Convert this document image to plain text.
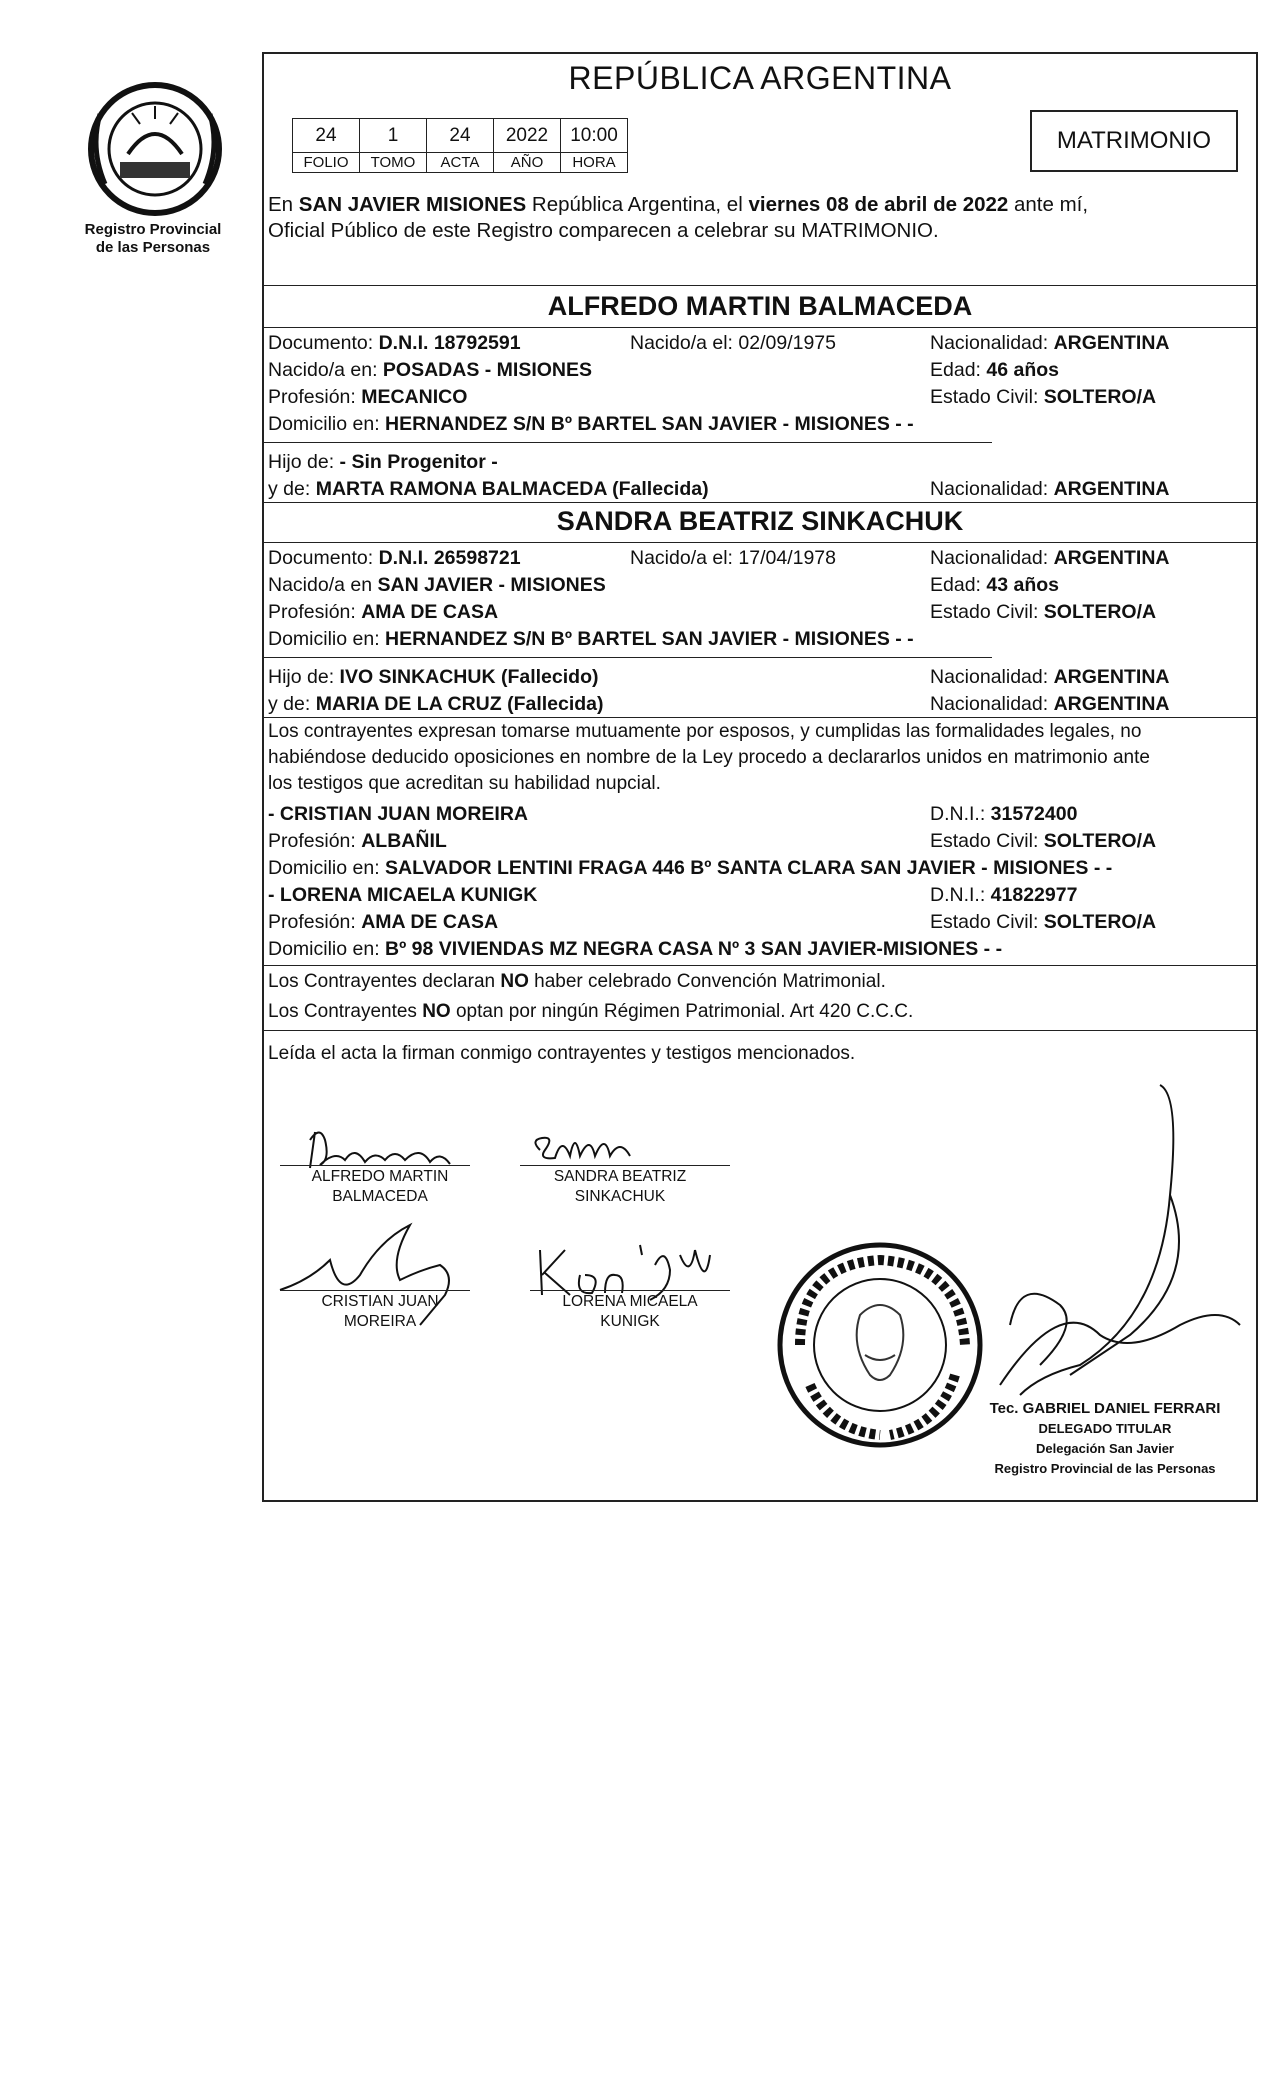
Registro Provincial
de las Personas
REPÚBLICA ARGENTINA
24	1	24	2022	10:00
FOLIO	TOMO	ACTA	AÑO	HORA
MATRIMONIO
En SAN JAVIER MISIONES República Argentina, el viernes 08 de abril de 2022 ante mí,
Oficial Público de este Registro comparecen a celebrar su MATRIMONIO.
ALFREDO MARTIN BALMACEDA
Documento: D.N.I. 18792591	Nacido/a el: 02/09/1975	Nacionalidad: ARGENTINA
Nacido/a en: POSADAS - MISIONES	Edad: 46 años
Profesión: MECANICO	Estado Civil: SOLTERO/A
Domicilio en: HERNANDEZ S/N Bº BARTEL SAN JAVIER - MISIONES - -
Hijo de: - Sin Progenitor -
y de: MARTA RAMONA BALMACEDA (Fallecida)	Nacionalidad: ARGENTINA
SANDRA BEATRIZ SINKACHUK
Documento: D.N.I. 26598721	Nacido/a el: 17/04/1978	Nacionalidad: ARGENTINA
Nacido/a en SAN JAVIER - MISIONES	Edad: 43 años
Profesión: AMA DE CASA	Estado Civil: SOLTERO/A
Domicilio en: HERNANDEZ S/N Bº BARTEL SAN JAVIER - MISIONES - -
Hijo de: IVO SINKACHUK (Fallecido)	Nacionalidad: ARGENTINA
y de: MARIA DE LA CRUZ (Fallecida)	Nacionalidad: ARGENTINA
Los contrayentes expresan tomarse mutuamente por esposos, y cumplidas las formalidades legales, no
habiéndose deducido oposiciones en nombre de la Ley procedo a declararlos unidos en matrimonio ante
los testigos que acreditan su habilidad nupcial.
- CRISTIAN JUAN MOREIRA	D.N.I.: 31572400
Profesión: ALBAÑIL	Estado Civil: SOLTERO/A
Domicilio en: SALVADOR LENTINI FRAGA 446 Bº SANTA CLARA SAN JAVIER - MISIONES - -
- LORENA MICAELA KUNIGK	D.N.I.: 41822977
Profesión: AMA DE CASA	Estado Civil: SOLTERO/A
Domicilio en: Bº 98 VIVIENDAS MZ NEGRA CASA Nº 3 SAN JAVIER-MISIONES - -
Los Contrayentes declaran NO haber celebrado Convención Matrimonial.
Los Contrayentes NO optan por ningún Régimen Patrimonial. Art 420 C.C.C.
Leída el acta la firman conmigo contrayentes y testigos mencionados.
ALFREDO MARTIN
BALMACEDA
SANDRA BEATRIZ
SINKACHUK
CRISTIAN JUAN
MOREIRA
LORENA MICAELA
KUNIGK
Tec. GABRIEL DANIEL FERRARI
DELEGADO TITULAR
Delegación San Javier
Registro Provincial de las Personas
